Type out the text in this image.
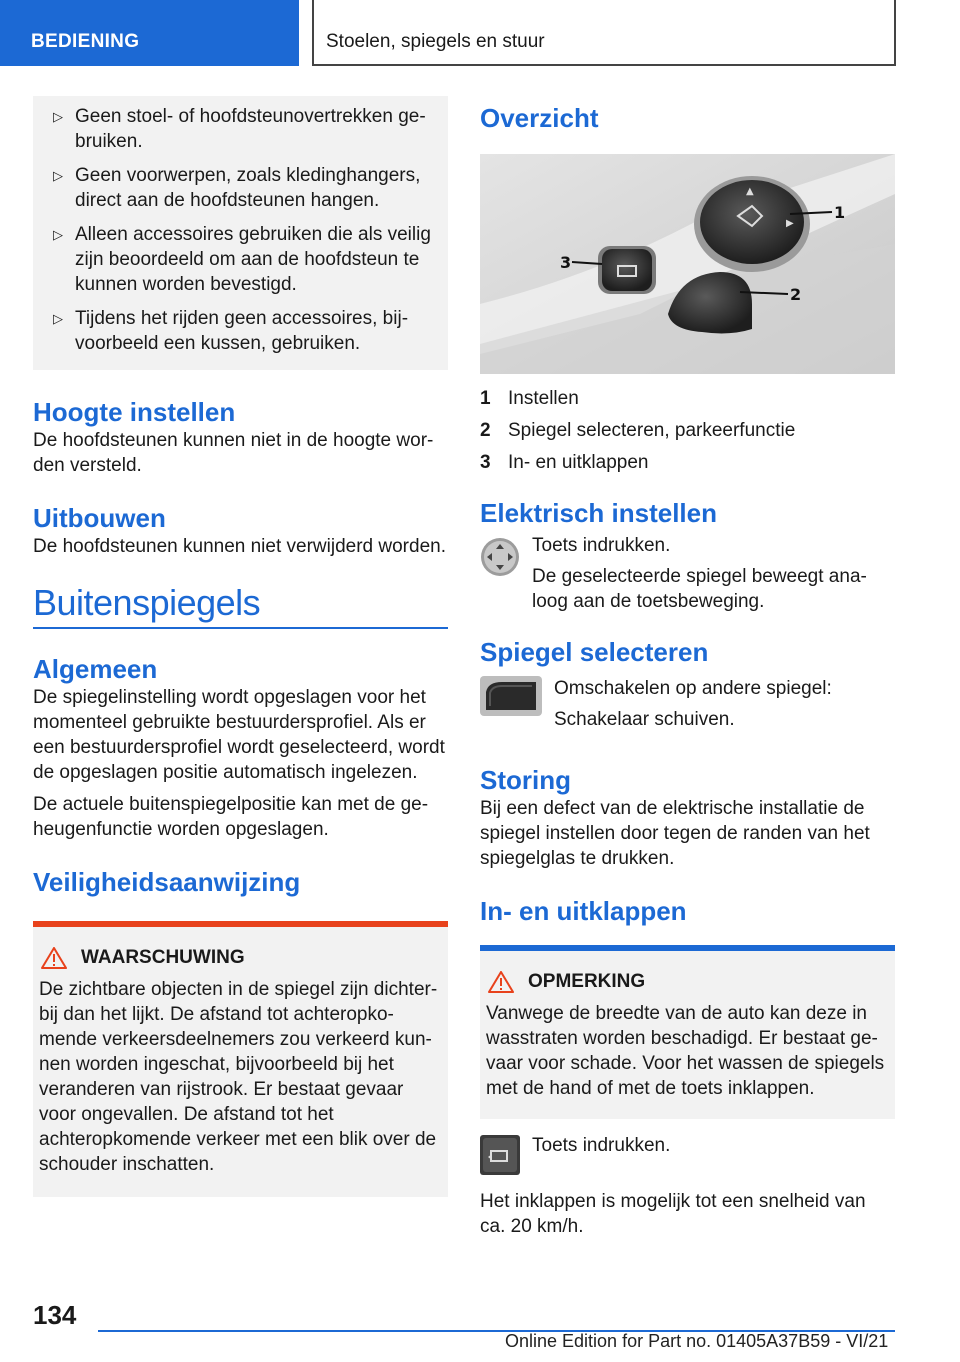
BEDIENING	Stoelen, spiegels en stuur
▷ Geen stoel- of hoofdsteunovertrekken gebruiken.
▷ Geen voorwerpen, zoals kledinghangers, direct aan de hoofdsteunen hangen.
▷ Alleen accessoires gebruiken die als veilig zijn beoordeeld om aan de hoofdsteun te kunnen worden bevestigd.
▷ Tijdens het rijden geen accessoires, bijvoorbeeld een kussen, gebruiken.
Hoogte instellen
De hoofdsteunen kunnen niet in de hoogte worden versteld.
Uitbouwen
De hoofdsteunen kunnen niet verwijderd worden.
Buitenspiegels
Algemeen
De spiegelinstelling wordt opgeslagen voor het momenteel gebruikte bestuurdersprofiel. Als er een bestuurdersprofiel wordt geselecteerd, wordt de opgeslagen positie automatisch ingelezen.
De actuele buitenspiegelpositie kan met de geheugenfunctie worden opgeslagen.
Veiligheidsaanwijzing
WAARSCHUWING
De zichtbare objecten in de spiegel zijn dichterbij dan het lijkt. De afstand tot achteropkomende verkeersdeelnemers zou verkeerd kunnen worden ingeschat, bijvoorbeeld bij het veranderen van rijstrook. Er bestaat gevaar voor ongevallen. De afstand tot het achteropkomende verkeer met een blik over de schouder inschatten.
Overzicht
▲
▶
3
1
2
1 Instellen
2 Spiegel selecteren, parkeerfunctie
3 In- en uitklappen
Elektrisch instellen
Toets indrukken.
De geselecteerde spiegel beweegt analoog aan de toetsbeweging.
Spiegel selecteren
Omschakelen op andere spiegel:
Schakelaar schuiven.
Storing
Bij een defect van de elektrische installatie de spiegel instellen door tegen de randen van het spiegelglas te drukken.
In- en uitklappen
OPMERKING
Vanwege de breedte van de auto kan deze in wasstraten worden beschadigd. Er bestaat gevaar voor schade. Voor het wassen de spiegels met de hand of met de toets inklappen.
Toets indrukken.
Het inklappen is mogelijk tot een snelheid van ca. 20 km/h.
134
Online Edition for Part no. 01405A37B59 - VI/21
